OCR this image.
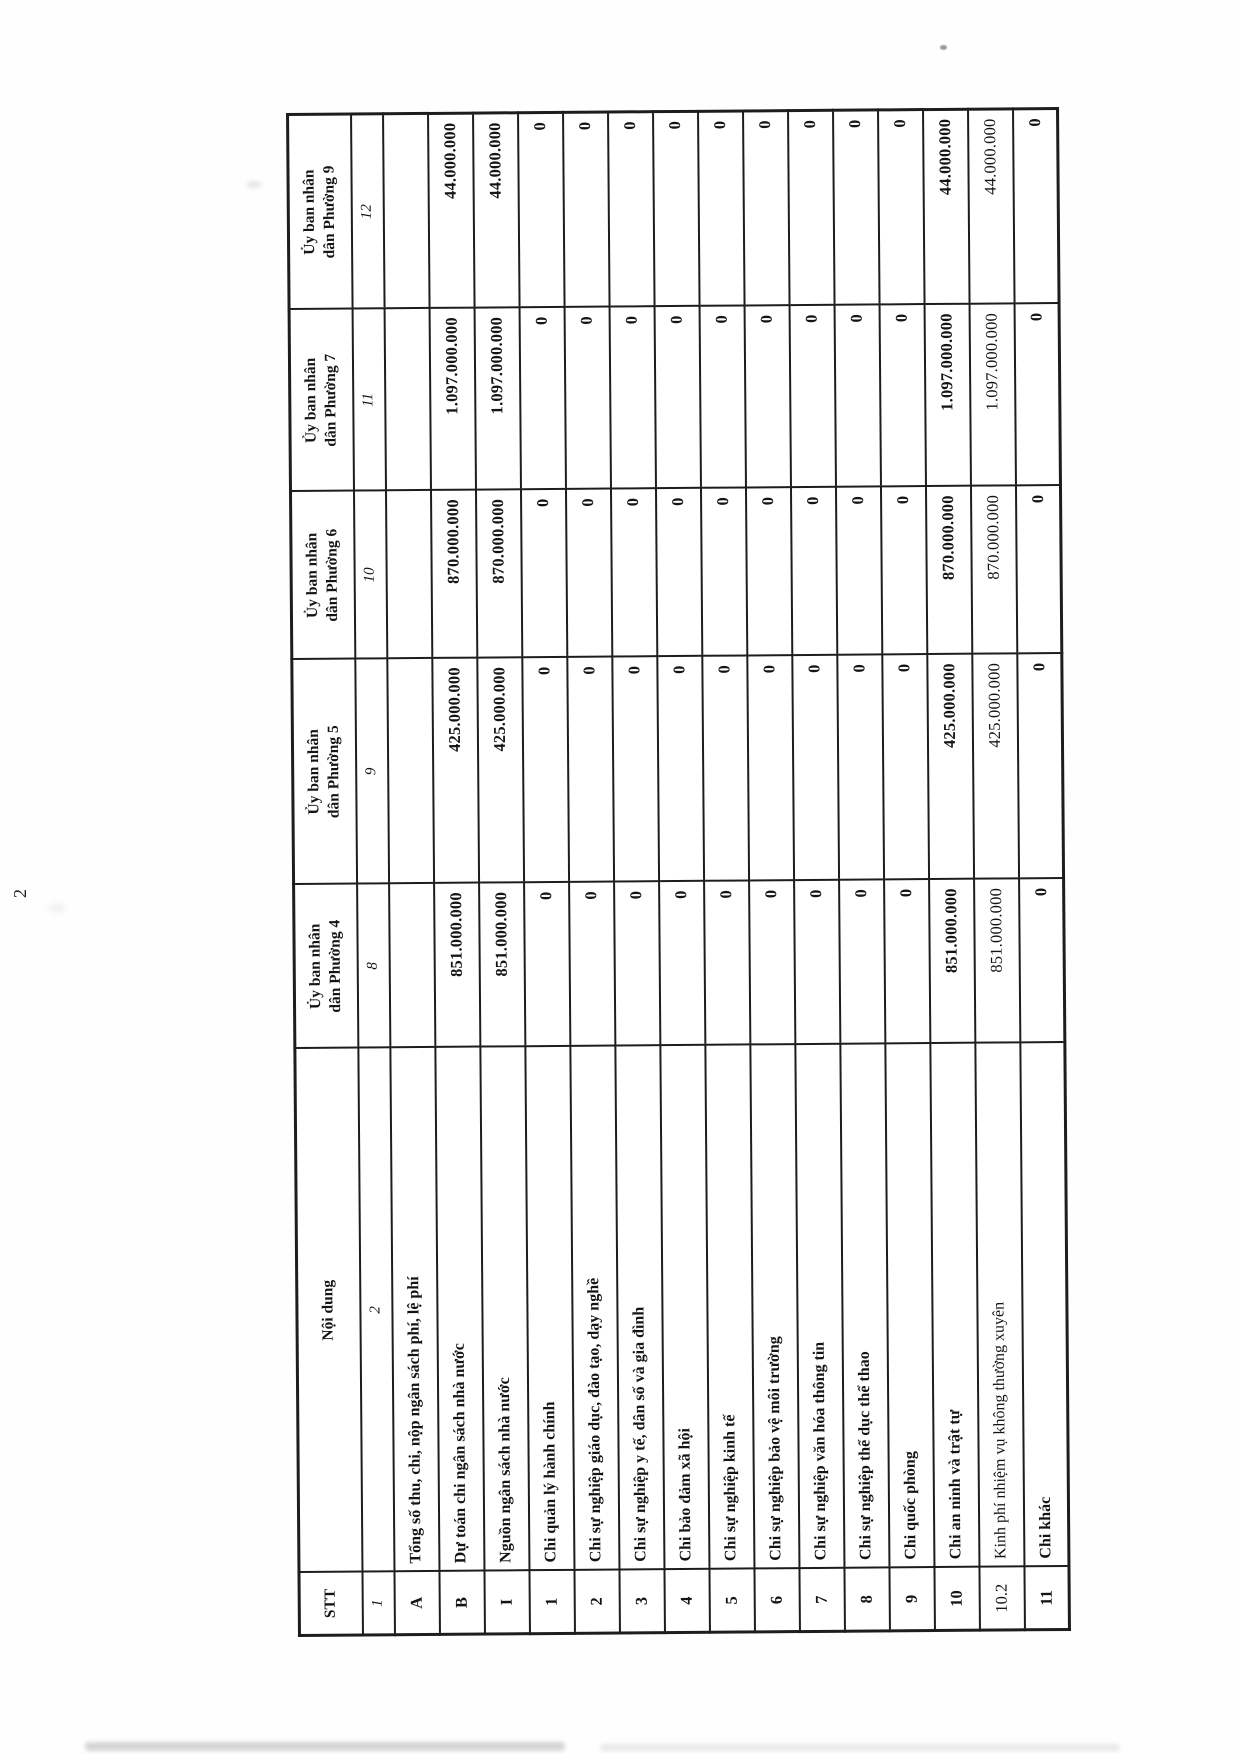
2
STT	Nội dung	Ủy ban nhân dân Phường 4	Ủy ban nhân dân Phường 5	Ủy ban nhân dân Phường 6	Ủy ban nhân dân Phường 7	Ủy ban nhân dân Phường 9
1	2	8	9	10	11	12
A	Tổng số thu, chi, nộp ngân sách phí, lệ phí					
B	Dự toán chi ngân sách nhà nước	851.000.000	425.000.000	870.000.000	1.097.000.000	44.000.000
I	Nguồn ngân sách nhà nước	851.000.000	425.000.000	870.000.000	1.097.000.000	44.000.000
1	Chi quản lý hành chính	0	0	0	0	0
2	Chi sự nghiệp giáo dục, đào tạo, dạy nghề	0	0	0	0	0
3	Chi sự nghiệp y tế, dân số và gia đình	0	0	0	0	0
4	Chi bảo đảm xã hội	0	0	0	0	0
5	Chi sự nghiệp kinh tế	0	0	0	0	0
6	Chi sự nghiệp bảo vệ môi trường	0	0	0	0	0
7	Chi sự nghiệp văn hóa thông tin	0	0	0	0	0
8	Chi sự nghiệp thể dục thể thao	0	0	0	0	0
9	Chi quốc phòng	0	0	0	0	0
10	Chi an ninh và trật tự	851.000.000	425.000.000	870.000.000	1.097.000.000	44.000.000
10.2	Kinh phí nhiệm vụ không thường xuyên	851.000.000	425.000.000	870.000.000	1.097.000.000	44.000.000
11	Chi khác	0	0	0	0	0
